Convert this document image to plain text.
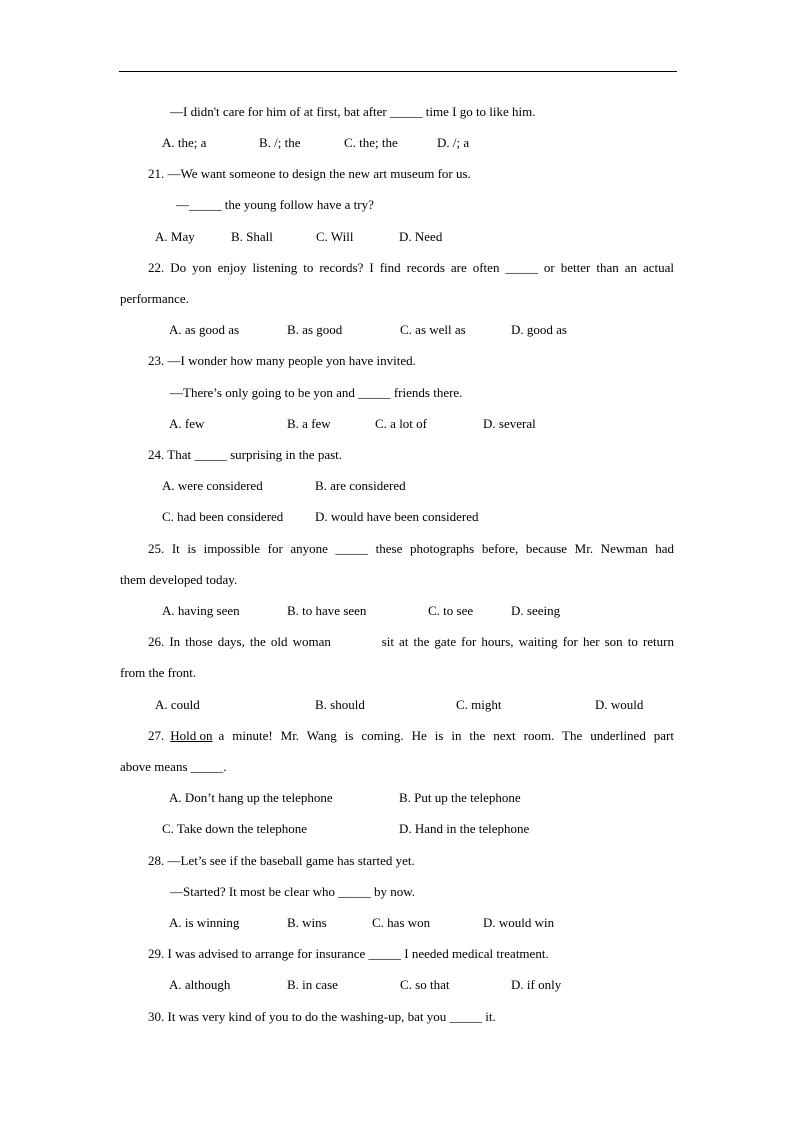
—I didn't care for him of at first, bat after _____ time I go to like him.
A. the; a	B. /; the	C. the; the	D. /; a
21. —We want someone to design the new art museum for us.
—_____ the young follow have a try?
A. May	B. Shall	C. Will	D. Need
22. Do yon enjoy listening to records? I find records are often _____ or better than an actual
performance.
A. as good as	B. as good	C. as well as	D. good as
23. —I wonder how many people yon have invited.
—There’s only going to be yon and _____ friends there.
A. few	B. a few	C. a lot of	D. several
24. That _____ surprising in the past.
A. were considered	B. are considered
C. had been considered D. would have been considered
25. It is impossible for anyone _____ these photographs before, because Mr. Newman had
them developed today.
A. having seen	B. to have seen	C. to see	D. seeing
26. In those days, the old woman          sit at the gate for hours, waiting for her son to return
from the front.
A. could	B. should	C. might	D. would
27. Hold on a minute! Mr. Wang is coming. He is in the next room. The underlined part
above means _____.
A. Don’t hang up the telephone	B. Put up the telephone
C. Take down the telephone	D. Hand in the telephone
28. —Let’s see if the baseball game has started yet.
—Started? It most be clear who _____ by now.
A. is winning	B. wins	C. has won	D. would win
29. I was advised to arrange for insurance _____ I needed medical treatment.
A. although	B. in case	C. so that	D. if only
30. It was very kind of you to do the washing-up, bat you _____ it.
